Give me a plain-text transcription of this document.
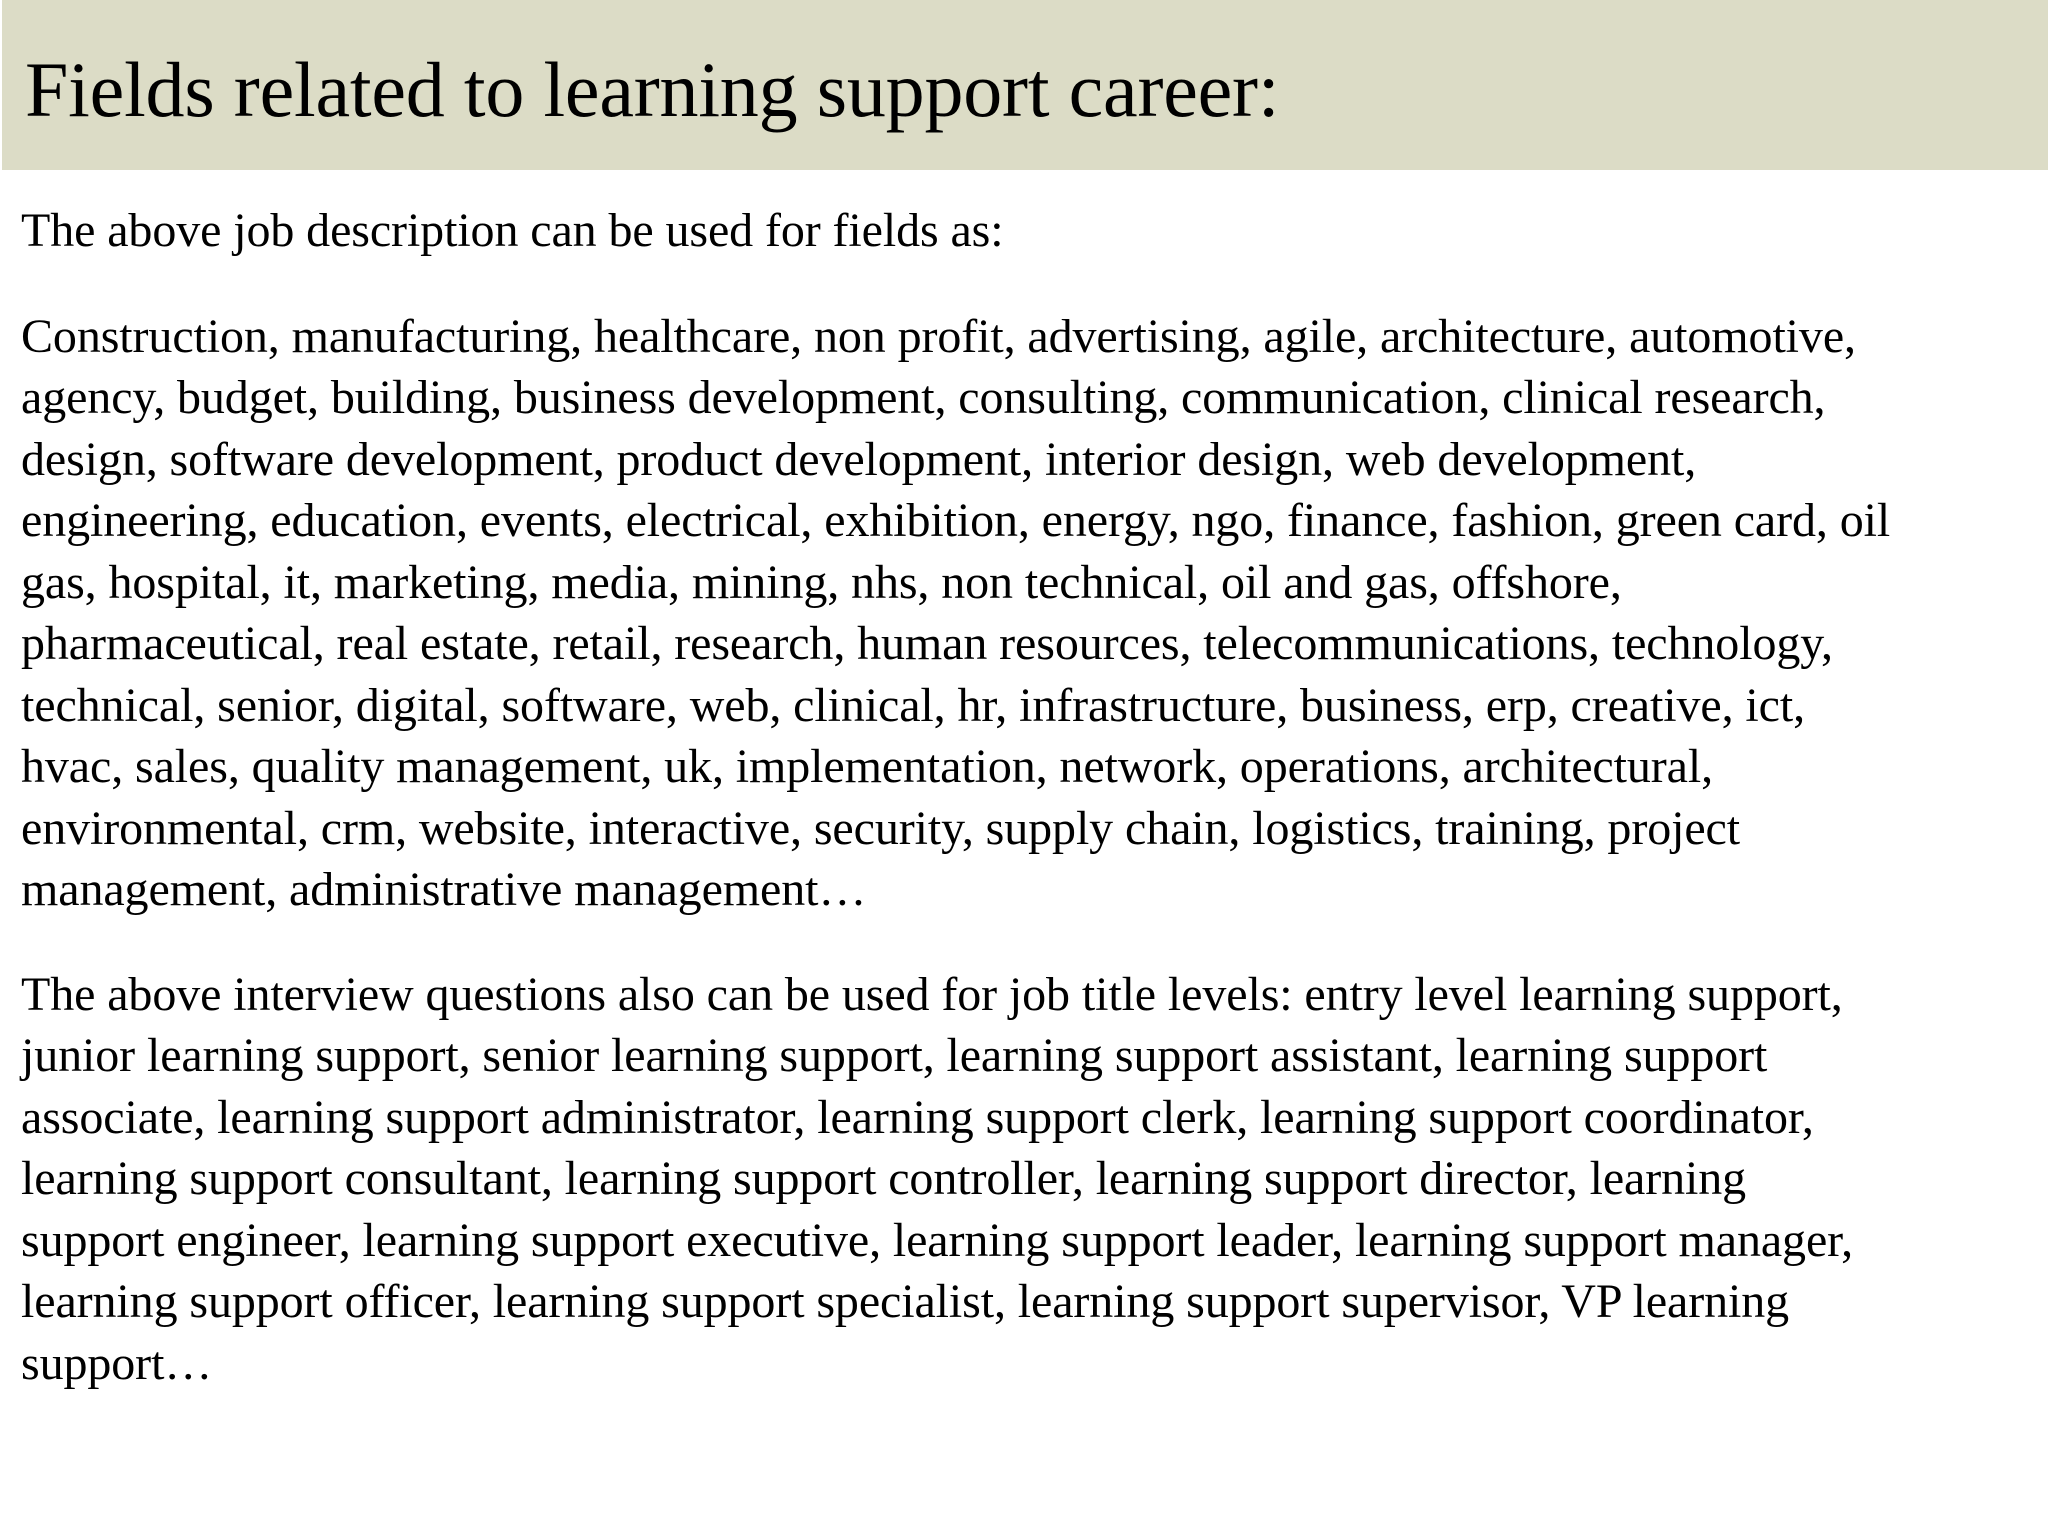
Fields related to learning support career:

The above job description can be used for fields as:

Construction, manufacturing, healthcare, non profit, advertising, agile, architecture, automotive,
agency, budget, building, business development, consulting, communication, clinical research,
design, software development, product development, interior design, web development,
engineering, education, events, electrical, exhibition, energy, ngo, finance, fashion, green card, oil
gas, hospital, it, marketing, media, mining, nhs, non technical, oil and gas, offshore,
pharmaceutical, real estate, retail, research, human resources, telecommunications, technology,
technical, senior, digital, software, web, clinical, hr, infrastructure, business, erp, creative, ict,
hvac, sales, quality management, uk, implementation, network, operations, architectural,
environmental, crm, website, interactive, security, supply chain, logistics, training, project
management, administrative management…

The above interview questions also can be used for job title levels: entry level learning support,
junior learning support, senior learning support, learning support assistant, learning support
associate, learning support administrator, learning support clerk, learning support coordinator,
learning support consultant, learning support controller, learning support director, learning
support engineer, learning support executive, learning support leader, learning support manager,
learning support officer, learning support specialist, learning support supervisor, VP learning
support…
